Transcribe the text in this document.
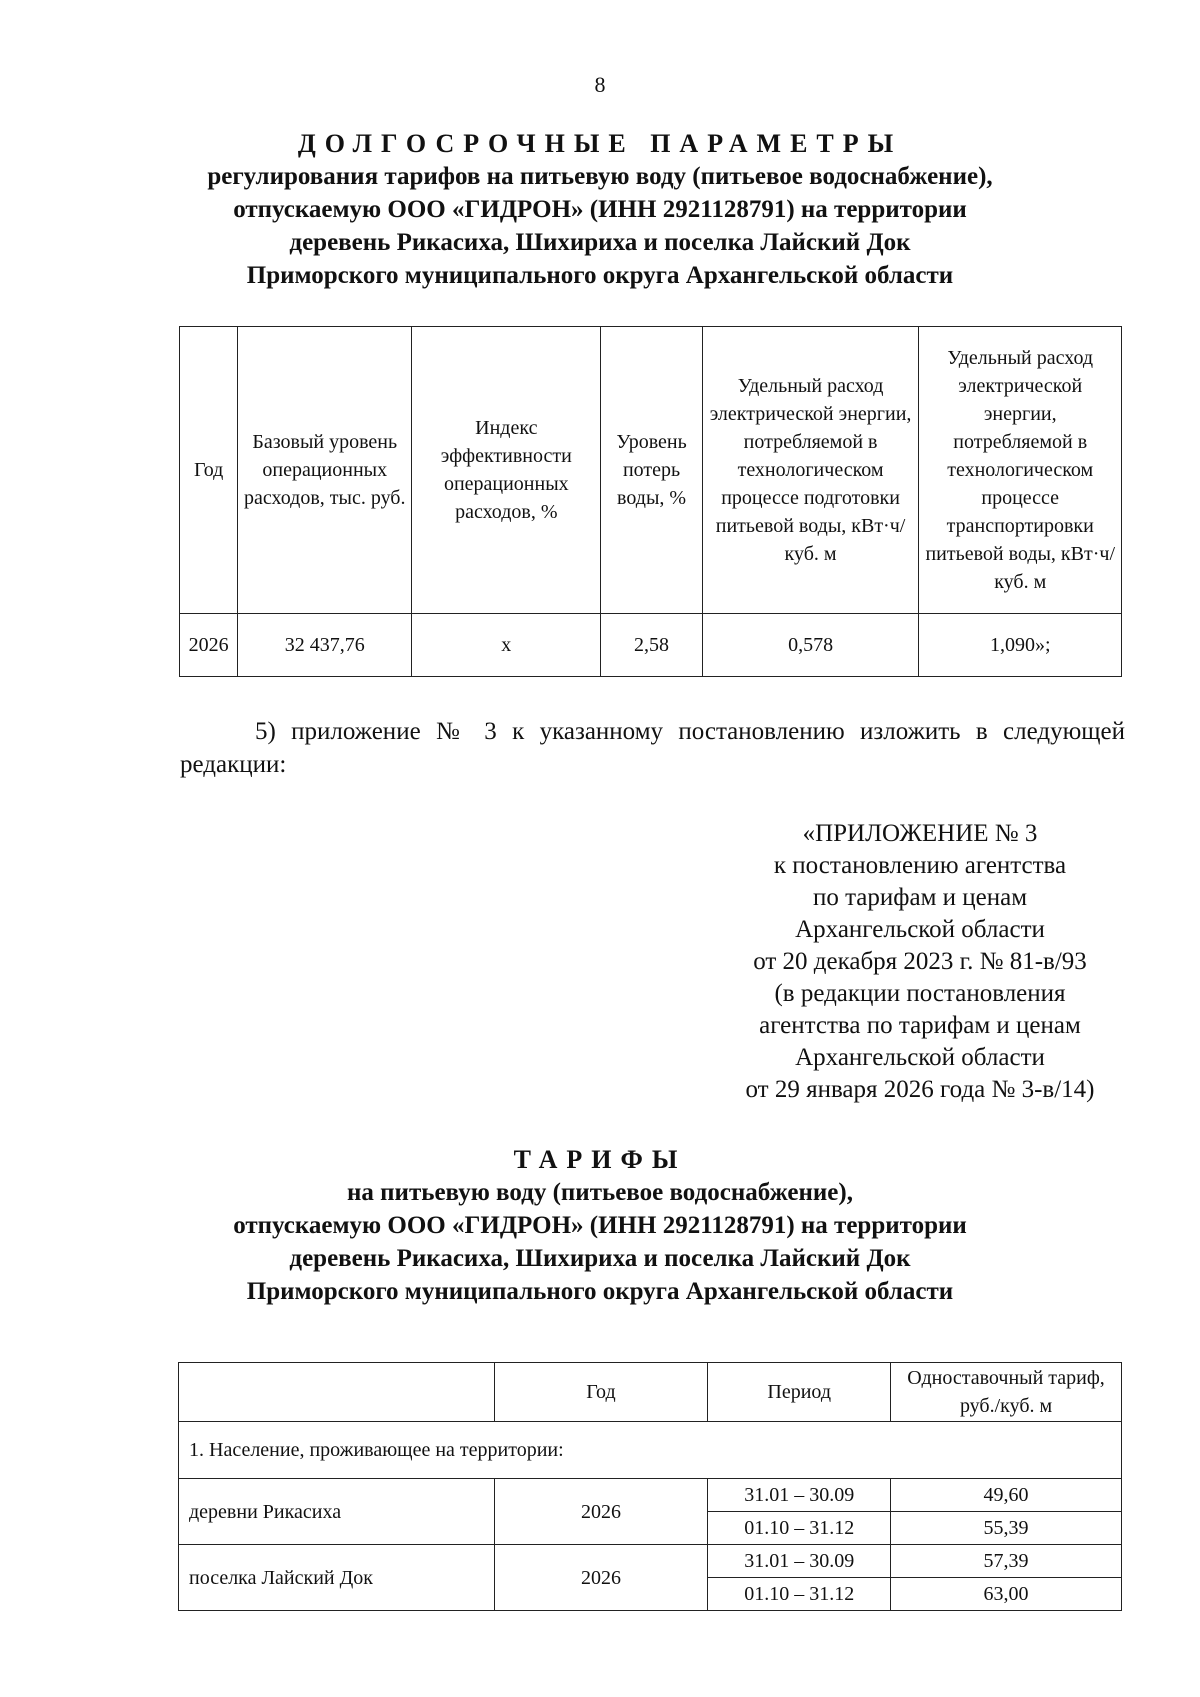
8
ДОЛГОСРОЧНЫЕ ПАРАМЕТРЫ
регулирования тарифов на питьевую воду (питьевое водоснабжение),
отпускаемую ООО «ГИДРОН» (ИНН 2921128791) на территории
деревень Рикасиха, Шихириха и поселка Лайский Док
Приморского муниципального округа Архангельской области
Год	Базовый уровень операционных расходов, тыс. руб.	Индекс эффективности операционных расходов, %	Уровень потерь воды, %	Удельный расход электрической энергии, потребляемой в технологическом процессе подготовки питьевой воды, кВт·ч/куб. м	Удельный расход электрической энергии, потребляемой в технологическом процессе транспортировки питьевой воды, кВт·ч/куб. м
2026	32 437,76	х	2,58	0,578	1,090»;
5) приложение № 3 к указанному постановлению изложить в следующей редакции:
«ПРИЛОЖЕНИЕ № 3
к постановлению агентства
по тарифам и ценам
Архангельской области
от 20 декабря 2023 г. № 81-в/93
(в редакции постановления
агентства по тарифам и ценам
Архангельской области
от 29 января 2026 года № 3-в/14)
ТАРИФЫ
на питьевую воду (питьевое водоснабжение),
отпускаемую ООО «ГИДРОН» (ИНН 2921128791) на территории
деревень Рикасиха, Шихириха и поселка Лайский Док
Приморского муниципального округа Архангельской области
	Год	Период	Одноставочный тариф, руб./куб. м
1. Население, проживающее на территории:			
деревни Рикасиха	2026	31.01 – 30.09	49,60
		01.10 – 31.12	55,39
поселка Лайский Док	2026	31.01 – 30.09	57,39
		01.10 – 31.12	63,00
